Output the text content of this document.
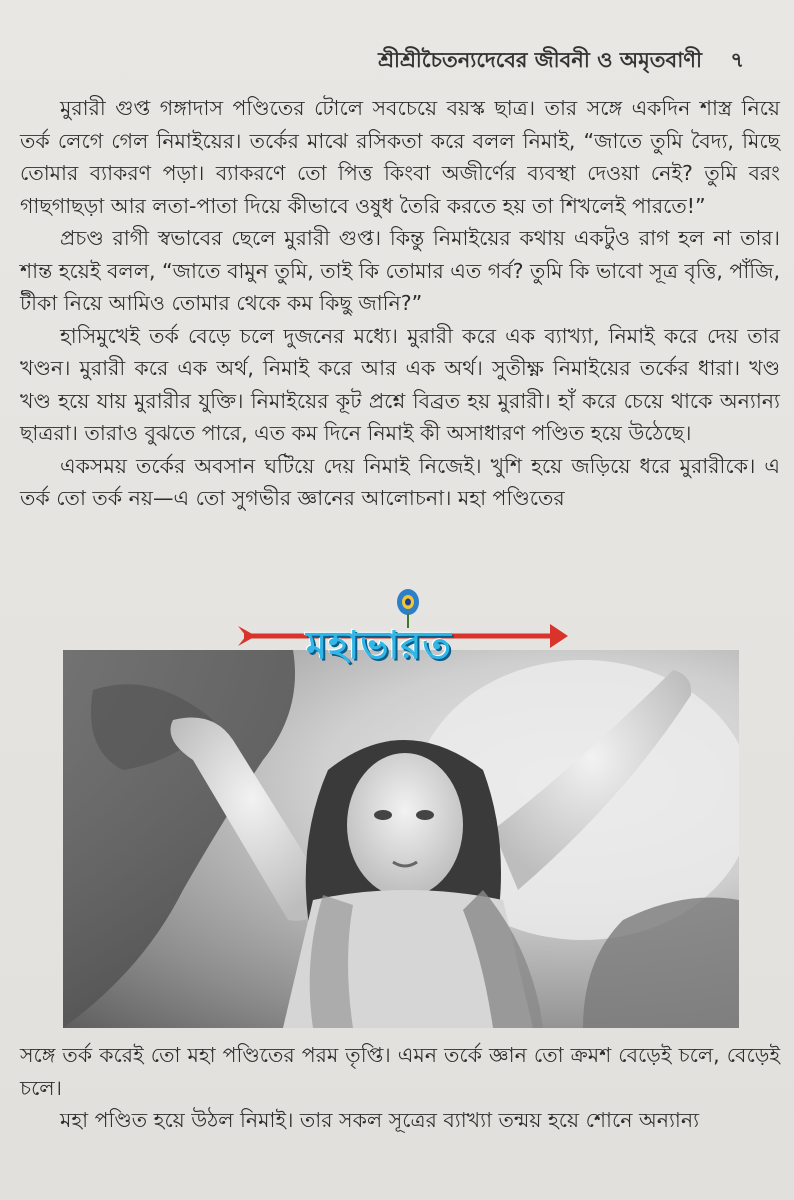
শ্রীশ্রীচৈতন্যদেবের জীবনী ও অমৃতবাণী ৭

মুরারী গুপ্ত গঙ্গাদাস পণ্ডিতের টোলে সবচেয়ে বয়স্ক ছাত্র। তার সঙ্গে একদিন শাস্ত্র নিয়ে তর্ক লেগে গেল নিমাইয়ের। তর্কের মাঝে রসিকতা করে বলল নিমাই, “জাতে তুমি বৈদ্য, মিছে তোমার ব্যাকরণ পড়া। ব্যাকরণে তো পিত্ত কিংবা অজীর্ণের ব্যবস্থা দেওয়া নেই? তুমি বরং গাছগাছড়া আর লতা-পাতা দিয়ে কীভাবে ওষুধ তৈরি করতে হয় তা শিখলেই পারতে!”

প্রচণ্ড রাগী স্বভাবের ছেলে মুরারী গুপ্ত। কিন্তু নিমাইয়ের কথায় একটুও রাগ হল না তার। শান্ত হয়েই বলল, “জাতে বামুন তুমি, তাই কি তোমার এত গর্ব? তুমি কি ভাবো সূত্র বৃত্তি, পাঁজি, টীকা নিয়ে আমিও তোমার থেকে কম কিছু জানি?”

হাসিমুখেই তর্ক বেড়ে চলে দুজনের মধ্যে। মুরারী করে এক ব্যাখ্যা, নিমাই করে দেয় তার খণ্ডন। মুরারী করে এক অর্থ, নিমাই করে আর এক অর্থ। সুতীক্ষ্ণ নিমাইয়ের তর্কের ধারা। খণ্ড খণ্ড হয়ে যায় মুরারীর যুক্তি। নিমাইয়ের কূট প্রশ্নে বিব্রত হয় মুরারী। হাঁ করে চেয়ে থাকে অন্যান্য ছাত্ররা। তারাও বুঝতে পারে, এত কম দিনে নিমাই কী অসাধারণ পণ্ডিত হয়ে উঠেছে।

একসময় তর্কের অবসান ঘটিয়ে দেয় নিমাই নিজেই। খুশি হয়ে জড়িয়ে ধরে মুরারীকে। এ তর্ক তো তর্ক নয়—এ তো সুগভীর জ্ঞানের আলোচনা। মহা পণ্ডিতের

মহাভারত

সঙ্গে তর্ক করেই তো মহা পণ্ডিতের পরম তৃপ্তি। এমন তর্কে জ্ঞান তো ক্রমশ বেড়েই চলে, বেড়েই চলে।

মহা পণ্ডিত হয়ে উঠল নিমাই। তার সকল সূত্রের ব্যাখ্যা তন্ময় হয়ে শোনে অন্যান্য
